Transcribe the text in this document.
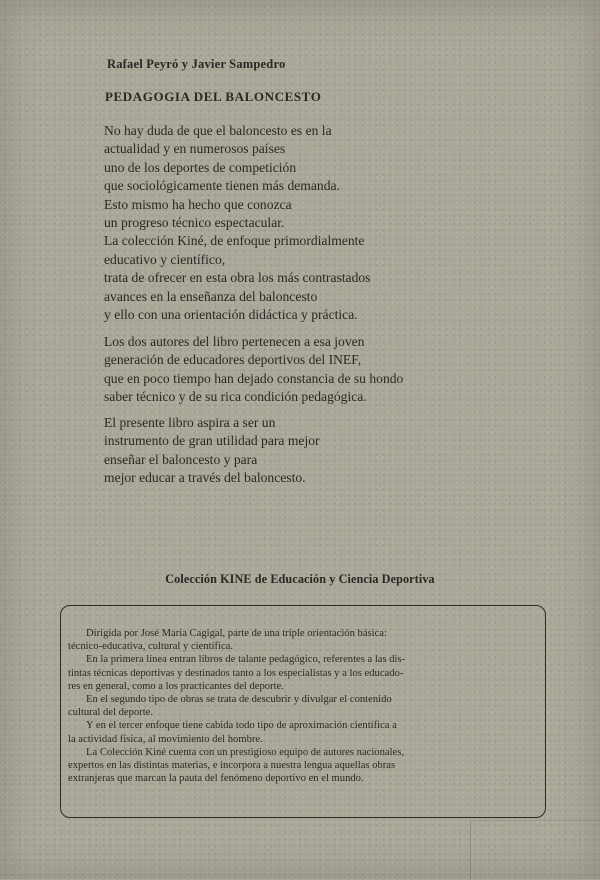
Rafael Peyró y Javier Sampedro
PEDAGOGIA DEL BALONCESTO

No hay duda de que el baloncesto es en la
actualidad y en numerosos países
uno de los deportes de competición
que sociológicamente tienen más demanda.
Esto mismo ha hecho que conozca
un progreso técnico espectacular.
La colección Kiné, de enfoque primordialmente
educativo y científico,
trata de ofrecer en esta obra los más contrastados
avances en la enseñanza del baloncesto
y ello con una orientación didáctica y práctica.

Los dos autores del libro pertenecen a esa joven
generación de educadores deportivos del INEF,
que en poco tiempo han dejado constancia de su hondo
saber técnico y de su rica condición pedagógica.

El presente libro aspira a ser un
instrumento de gran utilidad para mejor
enseñar el baloncesto y para
mejor educar a través del baloncesto.

Colección KINE de Educación y Ciencia Deportiva
Dirigida por José María Cagigal, parte de una triple orientación básica:
técnico-educativa, cultural y científica.
En la primera línea entran libros de talante pedagógico, referentes a las dis-
tintas técnicas deportivas y destinados tanto a los especialistas y a los educado-
res en general, como a los practicantes del deporte.
En el segundo tipo de obras se trata de descubrir y divulgar el contenido
cultural del deporte.
Y en el tercer enfoque tiene cabida todo tipo de aproximación científica a
la actividad física, al movimiento del hombre.
La Colección Kiné cuenta con un prestigioso equipo de autores nacionales,
expertos en las distintas materias, e incorpora a nuestra lengua aquellas obras
extranjeras que marcan la pauta del fenómeno deportivo en el mundo.
